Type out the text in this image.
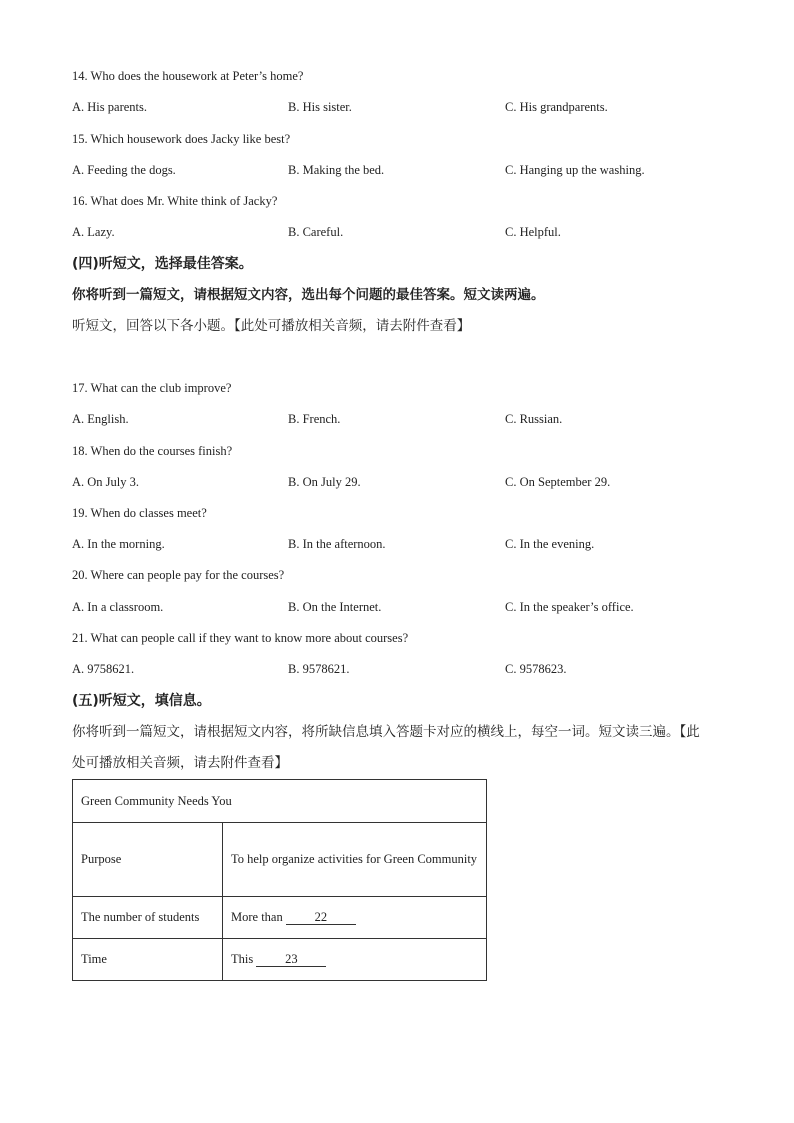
14. Who does the housework at Peter’s home?
A. His parents.	B. His sister.	C. His grandparents.
15. Which housework does Jacky like best?
A. Feeding the dogs.	B. Making the bed.	C. Hanging up the washing.
16. What does Mr. White think of Jacky?
A. Lazy.	B. Careful.	C. Helpful.
(四)听短文，选择最佳答案。
你将听到一篇短文，请根据短文内容，选出每个问题的最佳答案。短文读两遍。
听短文，回答以下各小题。【此处可播放相关音频，请去附件查看】
17. What can the club improve?
A. English.	B. French.	C. Russian.
18. When do the courses finish?
A. On July 3.	B. On July 29.	C. On September 29.
19. When do classes meet?
A. In the morning.	B. In the afternoon.	C. In the evening.
20. Where can people pay for the courses?
A. In a classroom.	B. On the Internet.	C. In the speaker’s office.
21. What can people call if they want to know more about courses?
A. 9758621.	B. 9578621.	C. 9578623.
(五)听短文，填信息。
你将听到一篇短文，请根据短文内容，将所缺信息填入答题卡对应的横线上，每空一词。短文读三遍。【此
处可播放相关音频，请去附件查看】
Green Community Needs You	
Purpose	To help organize activities for Green Community
The number of students	More than 22
Time	This 23
